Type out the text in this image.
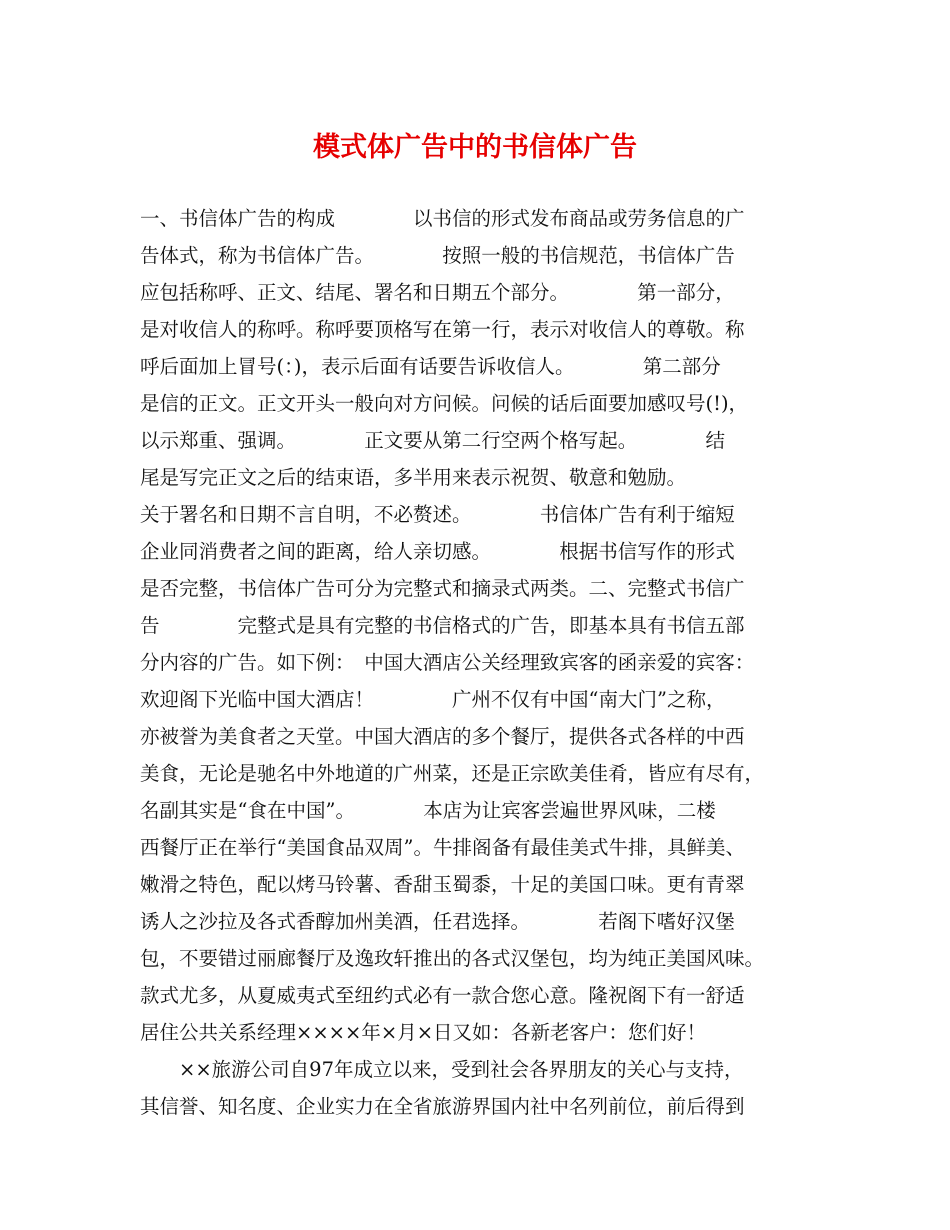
模式体广告中的书信体广告
一、书信体广告的构成　　　　以书信的形式发布商品或劳务信息的广
告体式，称为书信体广告。　　　　按照一般的书信规范，书信体广告
应包括称呼、正文、结尾、署名和日期五个部分。　　　　第一部分，
是对收信人的称呼。称呼要顶格写在第一行，表示对收信人的尊敬。称
呼后面加上冒号(：)，表示后面有话要告诉收信人。　　　　第二部分
是信的正文。正文开头一般向对方问候。问候的话后面要加感叹号(!)，
以示郑重、强调。　　　　正文要从第二行空两个格写起。　　　　结
尾是写完正文之后的结束语，多半用来表示祝贺、敬意和勉励。
关于署名和日期不言自明，不必赘述。　　　　书信体广告有利于缩短
企业同消费者之间的距离，给人亲切感。　　　　根据书信写作的形式
是否完整，书信体广告可分为完整式和摘录式两类。二、完整式书信广
告　　　　完整式是具有完整的书信格式的广告，即基本具有书信五部
分内容的广告。如下例：　中国大酒店公关经理致宾客的函亲爱的宾客：
欢迎阁下光临中国大酒店！　　　　广州不仅有中国“南大门”之称，
亦被誉为美食者之天堂。中国大酒店的多个餐厅，提供各式各样的中西
美食，无论是驰名中外地道的广州菜，还是正宗欧美佳肴，皆应有尽有，
名副其实是“食在中国”。　　　　本店为让宾客尝遍世界风味，二楼
西餐厅正在举行“美国食品双周”。牛排阁备有最佳美式牛排，具鲜美、
嫩滑之特色，配以烤马铃薯、香甜玉蜀黍，十足的美国口味。更有青翠
诱人之沙拉及各式香醇加州美酒，任君选择。　　　　若阁下嗜好汉堡
包，不要错过丽廊餐厅及逸玫轩推出的各式汉堡包，均为纯正美国风味。
款式尤多，从夏威夷式至纽约式必有一款合您心意。隆祝阁下有一舒适
居住公共关系经理××××年×月×日又如：各新老客户：您们好！
　　××旅游公司自97年成立以来，受到社会各界朋友的关心与支持，
其信誉、知名度、企业实力在全省旅游界国内社中名列前位，前后得到
